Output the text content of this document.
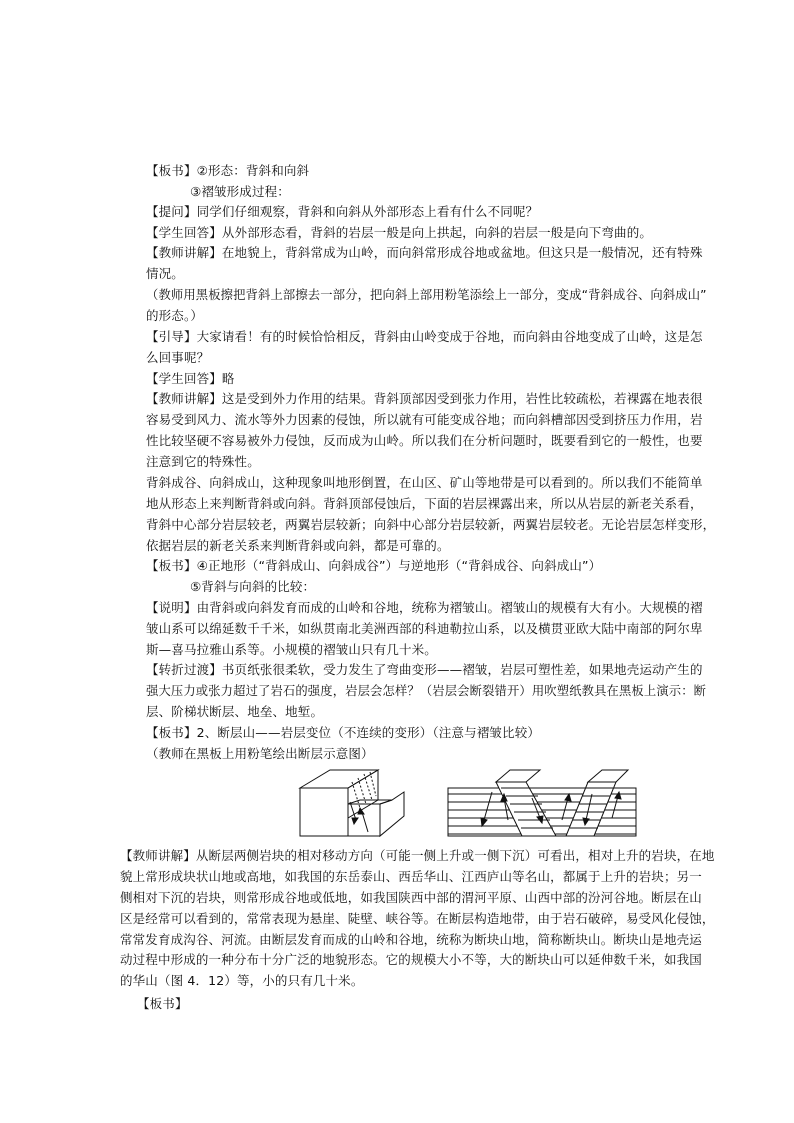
【板书】②形态：背斜和向斜
③褶皱形成过程：
【提问】同学们仔细观察，背斜和向斜从外部形态上看有什么不同呢？
【学生回答】从外部形态看，背斜的岩层一般是向上拱起，向斜的岩层一般是向下弯曲的。
【教师讲解】在地貌上，背斜常成为山岭，而向斜常形成谷地或盆地。但这只是一般情况，还有特殊
情况。
（教师用黑板擦把背斜上部擦去一部分，把向斜上部用粉笔添绘上一部分，变成“背斜成谷、向斜成山”
的形态。）
【引导】大家请看！有的时候恰恰相反，背斜由山岭变成于谷地，而向斜由谷地变成了山岭，这是怎
么回事呢？
【学生回答】略
【教师讲解】这是受到外力作用的结果。背斜顶部因受到张力作用，岩性比较疏松，若裸露在地表很
容易受到风力、流水等外力因素的侵蚀，所以就有可能变成谷地；而向斜槽部因受到挤压力作用，岩
性比较坚硬不容易被外力侵蚀，反而成为山岭。所以我们在分析问题时，既要看到它的一般性，也要
注意到它的特殊性。
背斜成谷、向斜成山，这种现象叫地形倒置，在山区、矿山等地带是可以看到的。所以我们不能简单
地从形态上来判断背斜或向斜。背斜顶部侵蚀后，下面的岩层裸露出来，所以从岩层的新老关系看，
背斜中心部分岩层较老，两翼岩层较新；向斜中心部分岩层较新，两翼岩层较老。无论岩层怎样变形，
依据岩层的新老关系来判断背斜或向斜，都是可靠的。
【板书】④正地形（“背斜成山、向斜成谷”）与逆地形（“背斜成谷、向斜成山”）
⑤背斜与向斜的比较：
【说明】由背斜或向斜发育而成的山岭和谷地，统称为褶皱山。褶皱山的规模有大有小。大规模的褶
皱山系可以绵延数千千米，如纵贯南北美洲西部的科迪勒拉山系，以及横贯亚欧大陆中南部的阿尔卑
斯—喜马拉雅山系等。小规模的褶皱山只有几十米。
【转折过渡】书页纸张很柔软，受力发生了弯曲变形——褶皱，岩层可塑性差，如果地壳运动产生的
强大压力或张力超过了岩石的强度，岩层会怎样？（岩层会断裂错开）用吹塑纸教具在黑板上演示：断
层、阶梯状断层、地垒、地堑。
【板书】2、断层山——岩层变位（不连续的变形）（注意与褶皱比较）
（教师在黑板上用粉笔绘出断层示意图）
【教师讲解】从断层两侧岩块的相对移动方向（可能一侧上升或一侧下沉）可看出，相对上升的岩块，在地
貌上常形成块状山地或高地，如我国的东岳泰山、西岳华山、江西庐山等名山，都属于上升的岩块；另一
侧相对下沉的岩块，则常形成谷地或低地，如我国陕西中部的渭河平原、山西中部的汾河谷地。断层在山
区是经常可以看到的，常常表现为悬崖、陡壁、峡谷等。在断层构造地带，由于岩石破碎，易受风化侵蚀，
常常发育成沟谷、河流。由断层发育而成的山岭和谷地，统称为断块山地，简称断块山。断块山是地壳运
动过程中形成的一种分布十分广泛的地貌形态。它的规模大小不等，大的断块山可以延伸数千米，如我国
的华山（图 4．12）等，小的只有几十米。
【板书】
